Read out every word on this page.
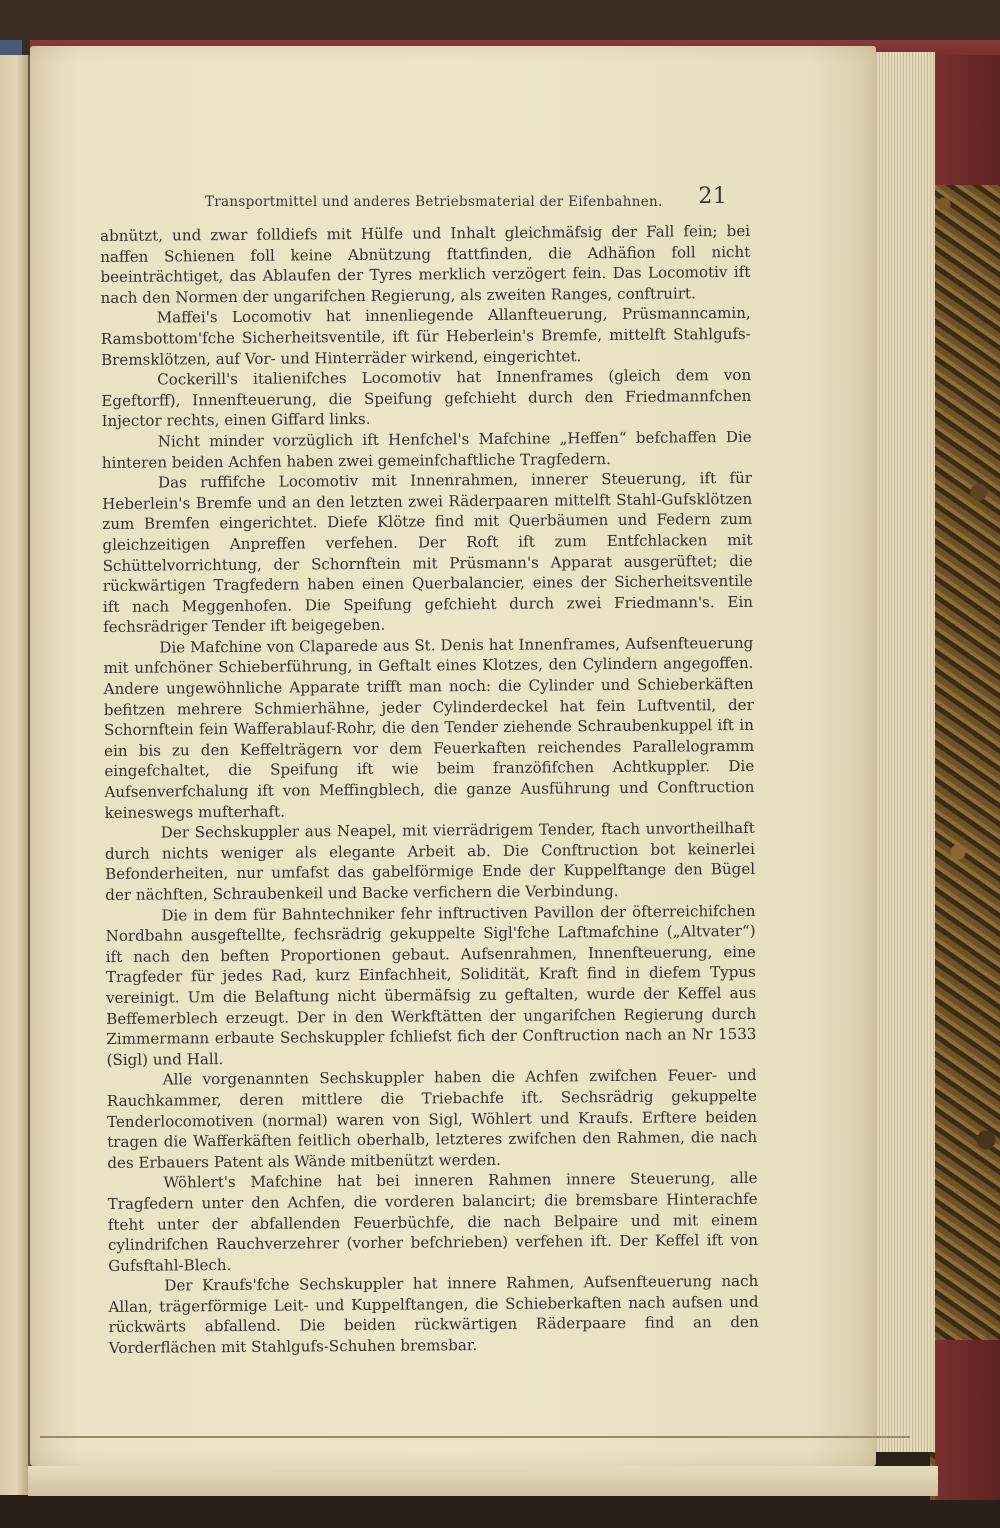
Transportmittel und anderes Betriebsmaterial der Eifenbahnen. 21

abnützt, und zwar folldiefs mit Hülfe und Inhalt gleichmäfsig der Fall fein; bei naffen Schienen foll keine Abnützung ftattfinden, die Adhäfion foll nicht beeinträchtiget, das Ablaufen der Tyres merklich verzögert fein. Das Locomotiv ift nach den Normen der ungarifchen Regierung, als zweiten Ranges, conftruirt.

Maffei's Locomotiv hat innenliegende Allanfteuerung, Prüsmanncamin, Ramsbottom'fche Sicherheitsventile, ift für Heberlein's Bremfe, mittelft Stahlgufs-Bremsklötzen, auf Vor- und Hinterräder wirkend, eingerichtet.

Cockerill's italienifches Locomotiv hat Innenframes (gleich dem von Egeftorff), Innenfteuerung, die Speifung gefchieht durch den Friedmannfchen Injector rechts, einen Giffard links.

Nicht minder vorzüglich ift Henfchel's Mafchine „Heffen“ befchaffen Die hinteren beiden Achfen haben zwei gemeinfchaftliche Tragfedern.

Das ruffifche Locomotiv mit Innenrahmen, innerer Steuerung, ift für Heberlein's Bremfe und an den letzten zwei Räderpaaren mittelft Stahl-Gufsklötzen zum Bremfen eingerichtet. Diefe Klötze find mit Querbäumen und Federn zum gleichzeitigen Anpreffen verfehen. Der Roft ift zum Entfchlacken mit Schüttelvorrichtung, der Schornftein mit Prüsmann's Apparat ausgerüftet; die rückwärtigen Tragfedern haben einen Querbalancier, eines der Sicherheitsventile ift nach Meggenhofen. Die Speifung gefchieht durch zwei Friedmann's. Ein fechsrädriger Tender ift beigegeben.

Die Mafchine von Claparede aus St. Denis hat Innenframes, Aufsenfteuerung mit unfchöner Schieberführung, in Geftalt eines Klotzes, den Cylindern angegoffen. Andere ungewöhnliche Apparate trifft man noch: die Cylinder und Schieberkäften befitzen mehrere Schmierhähne, jeder Cylinderdeckel hat fein Luftventil, der Schornftein fein Wafferablauf-Rohr, die den Tender ziehende Schraubenkuppel ift in ein bis zu den Keffelträgern vor dem Feuerkaften reichendes Parallelogramm eingefchaltet, die Speifung ift wie beim franzöfifchen Achtkuppler. Die Aufsenverfchalung ift von Meffingblech, die ganze Ausführung und Conftruction keineswegs mufterhaft.

Der Sechskuppler aus Neapel, mit vierrädrigem Tender, ftach unvortheilhaft durch nichts weniger als elegante Arbeit ab. Die Conftruction bot keinerlei Befonderheiten, nur umfafst das gabelförmige Ende der Kuppelftange den Bügel der nächften, Schraubenkeil und Backe verfichern die Verbindung.

Die in dem für Bahntechniker fehr inftructiven Pavillon der öfterreichifchen Nordbahn ausgeftellte, fechsrädrig gekuppelte Sigl'fche Laftmafchine („Altvater“) ift nach den beften Proportionen gebaut. Aufsenrahmen, Innenfteuerung, eine Tragfeder für jedes Rad, kurz Einfachheit, Solidität, Kraft find in diefem Typus vereinigt. Um die Belaftung nicht übermäfsig zu geftalten, wurde der Keffel aus Beffemerblech erzeugt. Der in den Werkftätten der ungarifchen Regierung durch Zimmermann erbaute Sechskuppler fchliefst fich der Conftruction nach an Nr 1533 (Sigl) und Hall.

Alle vorgenannten Sechskuppler haben die Achfen zwifchen Feuer- und Rauchkammer, deren mittlere die Triebachfe ift. Sechsrädrig gekuppelte Tenderlocomotiven (normal) waren von Sigl, Wöhlert und Kraufs. Erftere beiden tragen die Wafferkäften feitlich oberhalb, letzteres zwifchen den Rahmen, die nach des Erbauers Patent als Wände mitbenützt werden.

Wöhlert's Mafchine hat bei inneren Rahmen innere Steuerung, alle Tragfedern unter den Achfen, die vorderen balancirt; die bremsbare Hinterachfe fteht unter der abfallenden Feuerbüchfe, die nach Belpaire und mit einem cylindrifchen Rauchverzehrer (vorher befchrieben) verfehen ift. Der Keffel ift von Gufsftahl-Blech.

Der Kraufs'fche Sechskuppler hat innere Rahmen, Aufsenfteuerung nach Allan, trägerförmige Leit- und Kuppelftangen, die Schieberkaften nach aufsen und rückwärts abfallend. Die beiden rückwärtigen Räderpaare find an den Vorderflächen mit Stahlgufs-Schuhen bremsbar.
